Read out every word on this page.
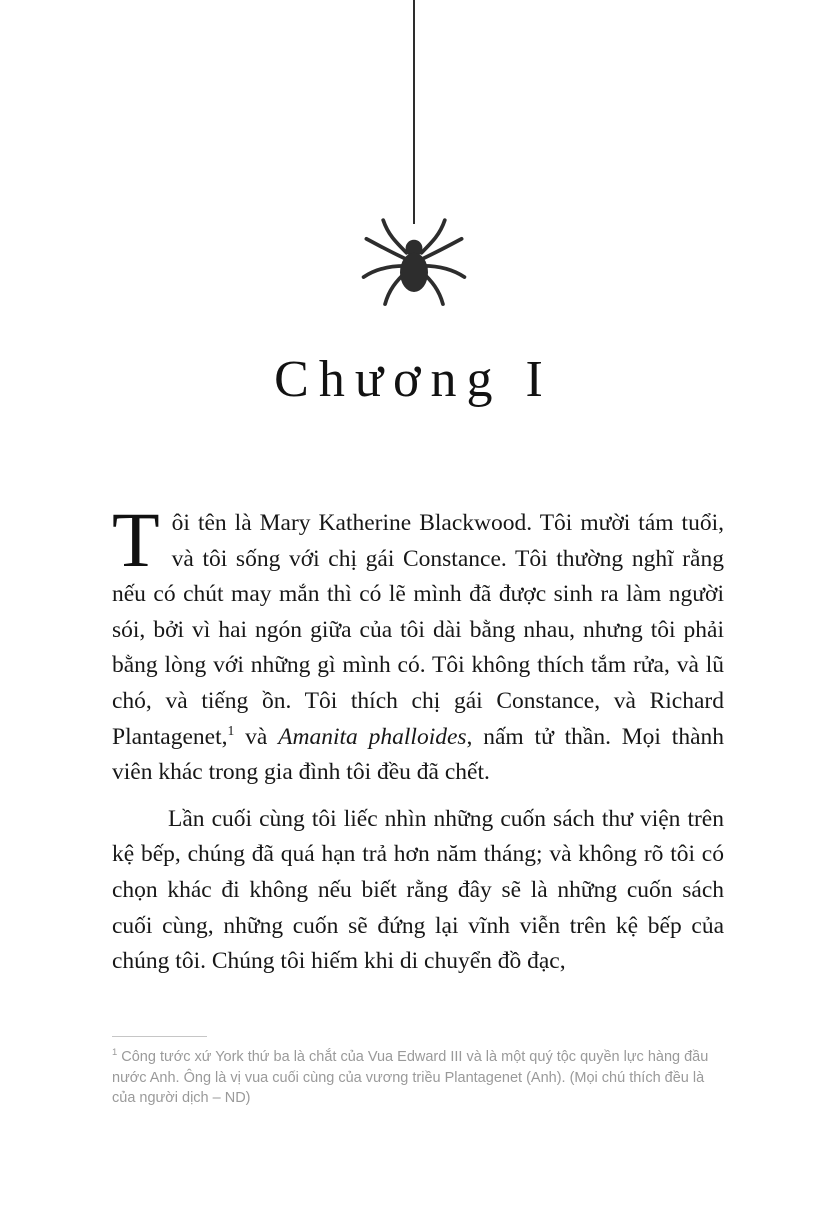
Chương I

Tôi tên là Mary Katherine Blackwood. Tôi mười tám tuổi, và tôi sống với chị gái Constance. Tôi thường nghĩ rằng nếu có chút may mắn thì có lẽ mình đã được sinh ra làm người sói, bởi vì hai ngón giữa của tôi dài bằng nhau, nhưng tôi phải bằng lòng với những gì mình có. Tôi không thích tắm rửa, và lũ chó, và tiếng ồn. Tôi thích chị gái Constance, và Richard Plantagenet,$^1$ và Amanita phalloides, nấm tử thần. Mọi thành viên khác trong gia đình tôi đều đã chết.

Lần cuối cùng tôi liếc nhìn những cuốn sách thư viện trên kệ bếp, chúng đã quá hạn trả hơn năm tháng; và không rõ tôi có chọn khác đi không nếu biết rằng đây sẽ là những cuốn sách cuối cùng, những cuốn sẽ đứng lại vĩnh viễn trên kệ bếp của chúng tôi. Chúng tôi hiếm khi di chuyển đồ đạc,

$^1$ Công tước xứ York thứ ba là chắt của Vua Edward III và là một quý tộc quyền lực hàng đầu nước Anh. Ông là vị vua cuối cùng của vương triều Plantagenet (Anh). (Mọi chú thích đều là của người dịch – ND)
